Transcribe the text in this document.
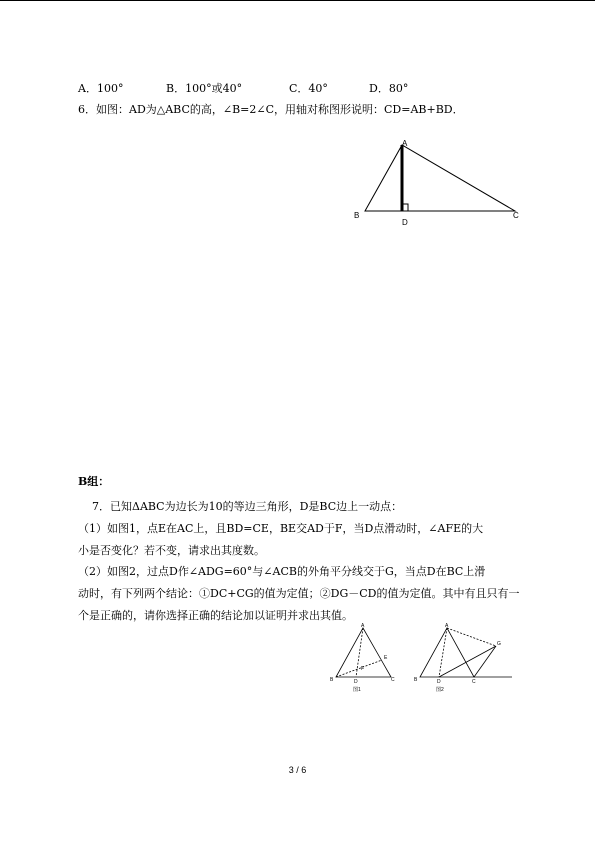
A．100°	B．100°或40°	C．40°	D．80°
6．如图：AD为△ABC的高，∠B=2∠C，用轴对称图形说明：CD=AB+BD．
A
B	C
D
B组：
7．已知ΔABC为边长为10的等边三角形，D是BC边上一动点：
（1）如图1，点E在AC上，且BD=CE，BE交AD于F，当D点滑动时，∠AFE的大
小是否变化？若不变，请求出其度数。
（2）如图2，过点D作∠ADG=60°与∠ACB的外角平分线交于G，当点D在BC上滑
动时，有下列两个结论：①DC+CG的值为定值；②DG－CD的值为定值。其中有且只有一
个是正确的，请你选择正确的结论加以证明并求出其值。
A
B	C
D
E
F
图1
A
B	C
D
G
图2
3 / 6
